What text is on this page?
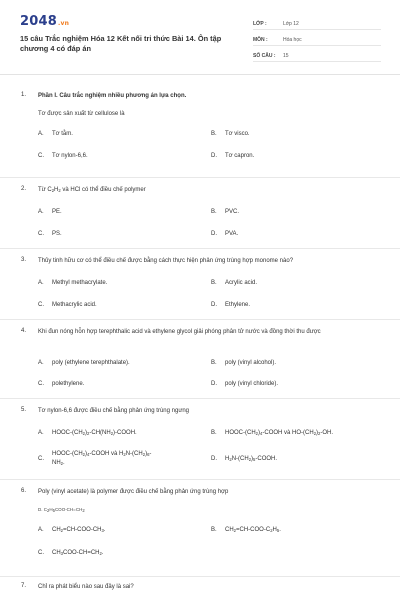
2048.vn
15 câu Trắc nghiệm Hóa 12 Kết nối tri thức Bài 14. Ôn tập chương 4 có đáp án
LỚP :	Lớp 12
MÔN :	Hóa học
SỐ CÂU :	15
1. Phần I. Câu trắc nghiệm nhiều phương án lựa chọn.
Tơ được sản xuất từ cellulose là
A. Tơ tằm.	B. Tơ visco.
C. Tơ nylon-6,6.	D. Tơ capron.
2. Từ $C_2H_2$ và HCl có thể điều chế polymer
A. PE.	B. PVC.
C. PS.	D. PVA.
3. Thủy tinh hữu cơ có thể điều chế được bằng cách thực hiện phản ứng trùng hợp monome nào?
A. Methyl methacrylate.	B. Acrylic acid.
C. Methacrylic acid.	D. Ethylene.
4. Khi đun nóng hỗn hợp terephthalic acid và ethylene glycol giải phóng phân tử nước và đồng thời thu được
A. poly (ethylene terephthalate).	B. poly (vinyl alcohol).
C. polethylene.	D. poly (vinyl chloride).
5. Tơ nylon-6,6 được điều chế bằng phản ứng trùng ngưng
A. HOOC-$(CH_2)_2-CH(NH_2)$-COOH.	B. HOOC-$(CH_2)_4$-COOH và $HO-(CH_2)_2-OH$.
C.
HOOC-$(CH_2)_4$-COOH và $H_2N-(CH_2)_6-NH_2$.
D. $H_2N-(CH_2)_5$-COOH.
6. Poly (vinyl acetate) là polymer được điều chế bằng phản ứng trùng hợp
D. $C_2H_5COO-CH=CH_2$
A. $CH_2=CH-COO-CH_3$.	B. $CH_2=CH-COO-C_2H_5$.
C. $CH_3COO-CH=CH_2$.
7. Chỉ ra phát biểu nào sau đây là sai?
